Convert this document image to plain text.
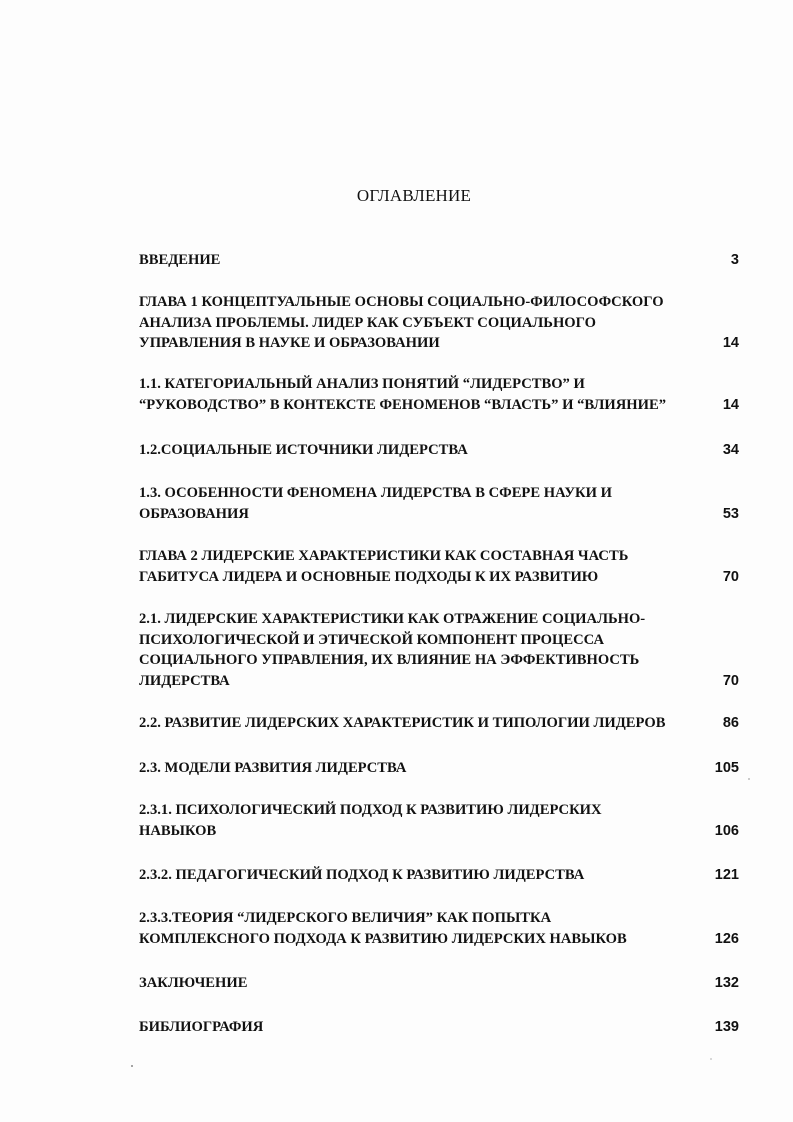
ОГЛАВЛЕНИЕ
ВВЕДЕНИЕ	3
ГЛАВА 1 КОНЦЕПТУАЛЬНЫЕ ОСНОВЫ СОЦИАЛЬНО-ФИЛОСОФСКОГО
АНАЛИЗА ПРОБЛЕМЫ. ЛИДЕР КАК СУБЪЕКТ СОЦИАЛЬНОГО
УПРАВЛЕНИЯ В НАУКЕ И ОБРАЗОВАНИИ	14
1.1. КАТЕГОРИАЛЬНЫЙ АНАЛИЗ ПОНЯТИЙ “ЛИДЕРСТВО” И
“РУКОВОДСТВО” В КОНТЕКСТЕ ФЕНОМЕНОВ “ВЛАСТЬ” И “ВЛИЯНИЕ”	14
1.2.СОЦИАЛЬНЫЕ ИСТОЧНИКИ ЛИДЕРСТВА	34
1.3. ОСОБЕННОСТИ ФЕНОМЕНА ЛИДЕРСТВА В СФЕРЕ НАУКИ И
ОБРАЗОВАНИЯ	53
ГЛАВА 2 ЛИДЕРСКИЕ ХАРАКТЕРИСТИКИ КАК СОСТАВНАЯ ЧАСТЬ
ГАБИТУСА ЛИДЕРА И ОСНОВНЫЕ ПОДХОДЫ К ИХ РАЗВИТИЮ	70
2.1. ЛИДЕРСКИЕ ХАРАКТЕРИСТИКИ КАК ОТРАЖЕНИЕ СОЦИАЛЬНО-
ПСИХОЛОГИЧЕСКОЙ И ЭТИЧЕСКОЙ КОМПОНЕНТ ПРОЦЕССА
СОЦИАЛЬНОГО УПРАВЛЕНИЯ, ИХ ВЛИЯНИЕ НА ЭФФЕКТИВНОСТЬ
ЛИДЕРСТВА	70
2.2. РАЗВИТИЕ ЛИДЕРСКИХ ХАРАКТЕРИСТИК И ТИПОЛОГИИ ЛИДЕРОВ	86
2.3. МОДЕЛИ РАЗВИТИЯ ЛИДЕРСТВА	105
2.3.1. ПСИХОЛОГИЧЕСКИЙ ПОДХОД К РАЗВИТИЮ ЛИДЕРСКИХ
НАВЫКОВ	106
2.3.2. ПЕДАГОГИЧЕСКИЙ ПОДХОД К РАЗВИТИЮ ЛИДЕРСТВА	121
2.3.3.ТЕОРИЯ “ЛИДЕРСКОГО ВЕЛИЧИЯ” КАК ПОПЫТКА
КОМПЛЕКСНОГО ПОДХОДА К РАЗВИТИЮ ЛИДЕРСКИХ НАВЫКОВ	126
ЗАКЛЮЧЕНИЕ	132
БИБЛИОГРАФИЯ	139
